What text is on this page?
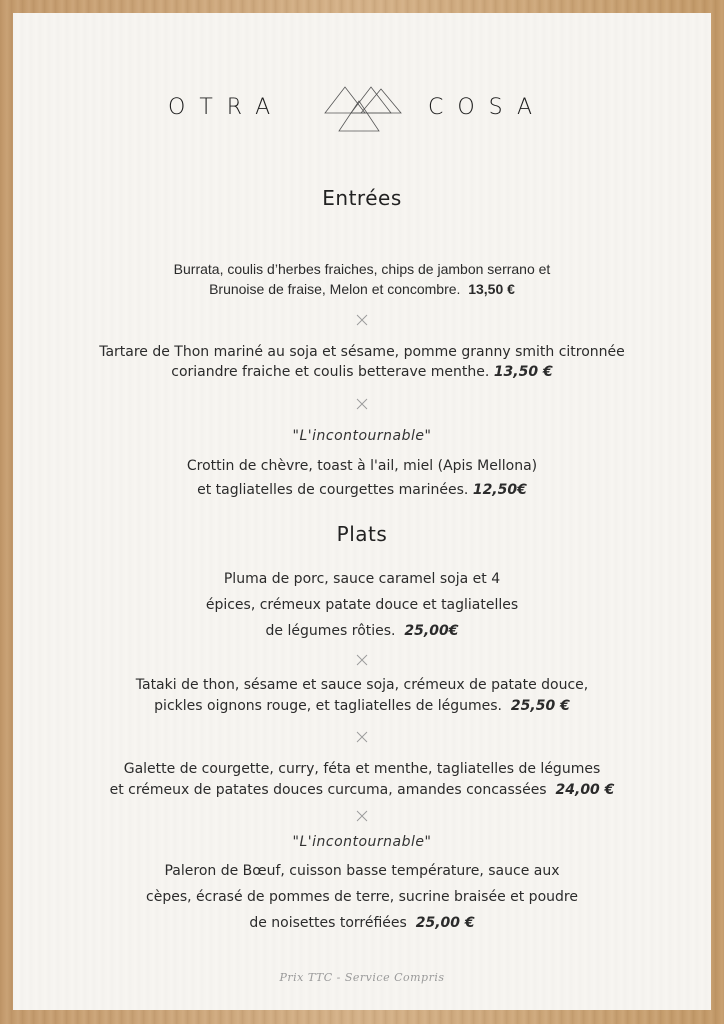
OTRA	COSA
Entrées
Burrata, coulis d’herbes fraiches, chips de jambon serrano et
Brunoise de fraise, Melon et concombre. 13,50 €
Tartare de Thon mariné au soja et sésame, pomme granny smith citronnée
coriandre fraiche et coulis betterave menthe. 13,50 €
"L'incontournable"
Crottin de chèvre, toast à l'ail, miel (Apis Mellona)
et tagliatelles de courgettes marinées. 12,50€
Plats
Pluma de porc, sauce caramel soja et 4
épices, crémeux patate douce et tagliatelles
de légumes rôties. 25,00€
Tataki de thon, sésame et sauce soja, crémeux de patate douce,
pickles oignons rouge, et tagliatelles de légumes. 25,50 €
Galette de courgette, curry, féta et menthe, tagliatelles de légumes
et crémeux de patates douces curcuma, amandes concassées 24,00 €
"L'incontournable"
Paleron de Bœuf, cuisson basse température, sauce aux
cèpes, écrasé de pommes de terre, sucrine braisée et poudre
de noisettes torréfiées 25,00 €
Prix TTC - Service Compris
